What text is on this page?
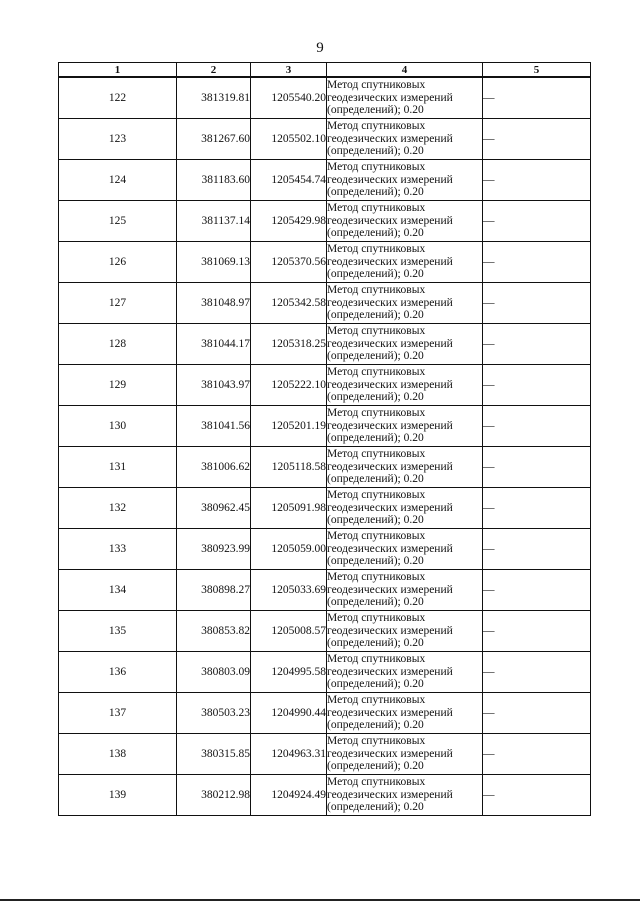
9
1	2	3	4	5
122	381319.81	1205540.20	Метод спутниковых
геодезических измерений
(определений); 0.20	—
123	381267.60	1205502.10	Метод спутниковых
геодезических измерений
(определений); 0.20	—
124	381183.60	1205454.74	Метод спутниковых
геодезических измерений
(определений); 0.20	—
125	381137.14	1205429.98	Метод спутниковых
геодезических измерений
(определений); 0.20	—
126	381069.13	1205370.56	Метод спутниковых
геодезических измерений
(определений); 0.20	—
127	381048.97	1205342.58	Метод спутниковых
геодезических измерений
(определений); 0.20	—
128	381044.17	1205318.25	Метод спутниковых
геодезических измерений
(определений); 0.20	—
129	381043.97	1205222.10	Метод спутниковых
геодезических измерений
(определений); 0.20	—
130	381041.56	1205201.19	Метод спутниковых
геодезических измерений
(определений); 0.20	—
131	381006.62	1205118.58	Метод спутниковых
геодезических измерений
(определений); 0.20	—
132	380962.45	1205091.98	Метод спутниковых
геодезических измерений
(определений); 0.20	—
133	380923.99	1205059.00	Метод спутниковых
геодезических измерений
(определений); 0.20	—
134	380898.27	1205033.69	Метод спутниковых
геодезических измерений
(определений); 0.20	—
135	380853.82	1205008.57	Метод спутниковых
геодезических измерений
(определений); 0.20	—
136	380803.09	1204995.58	Метод спутниковых
геодезических измерений
(определений); 0.20	—
137	380503.23	1204990.44	Метод спутниковых
геодезических измерений
(определений); 0.20	—
138	380315.85	1204963.31	Метод спутниковых
геодезических измерений
(определений); 0.20	—
139	380212.98	1204924.49	Метод спутниковых
геодезических измерений
(определений); 0.20	—
